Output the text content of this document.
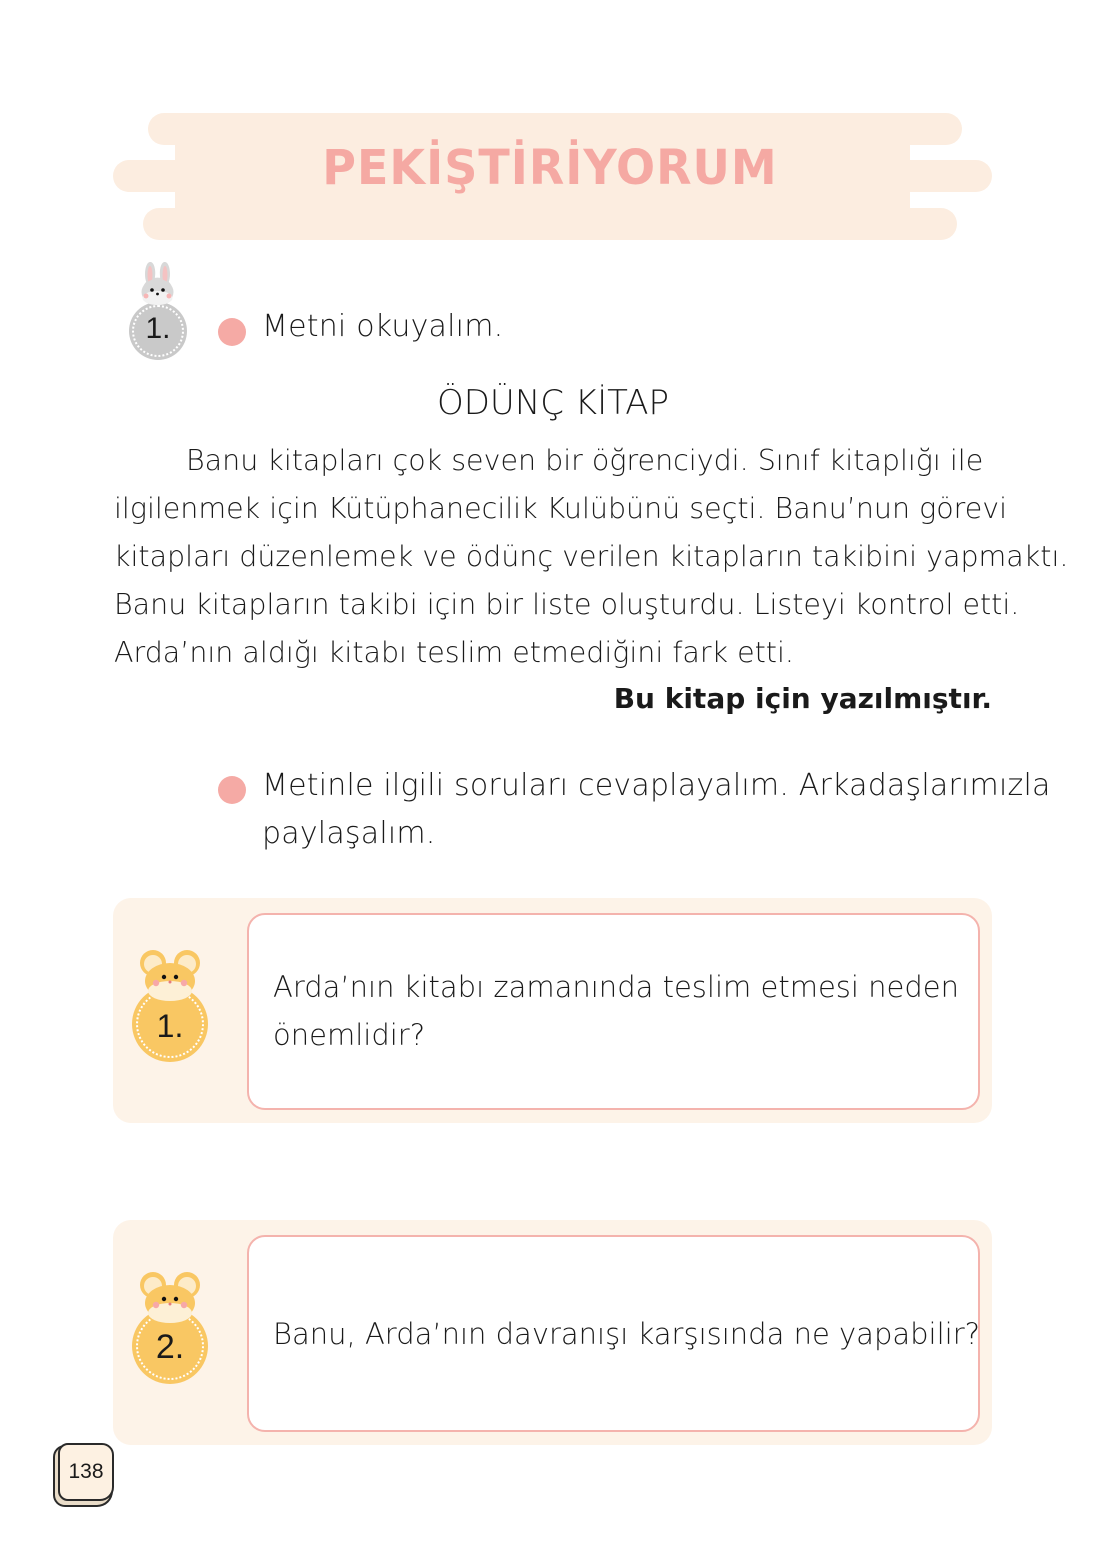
PEKİŞTİRİYORUM
1.	Metni okuyalım.
ÖDÜNÇ KİTAP
Banu kitapları çok seven bir öğrenciydi. Sınıf kitaplığı ile
ilgilenmek için Kütüphanecilik Kulübünü seçti. Banu’nun görevi
kitapları düzenlemek ve ödünç verilen kitapların takibini yapmaktı.
Banu kitapların takibi için bir liste oluşturdu. Listeyi kontrol etti.
Arda’nın aldığı kitabı teslim etmediğini fark etti.
Bu kitap için yazılmıştır.
Metinle ilgili soruları cevaplayalım. Arkadaşlarımızla
paylaşalım.
1.
Arda’nın kitabı zamanında teslim etmesi neden
önemlidir?
2.	Banu, Arda’nın davranışı karşısında ne yapabilir?
138
